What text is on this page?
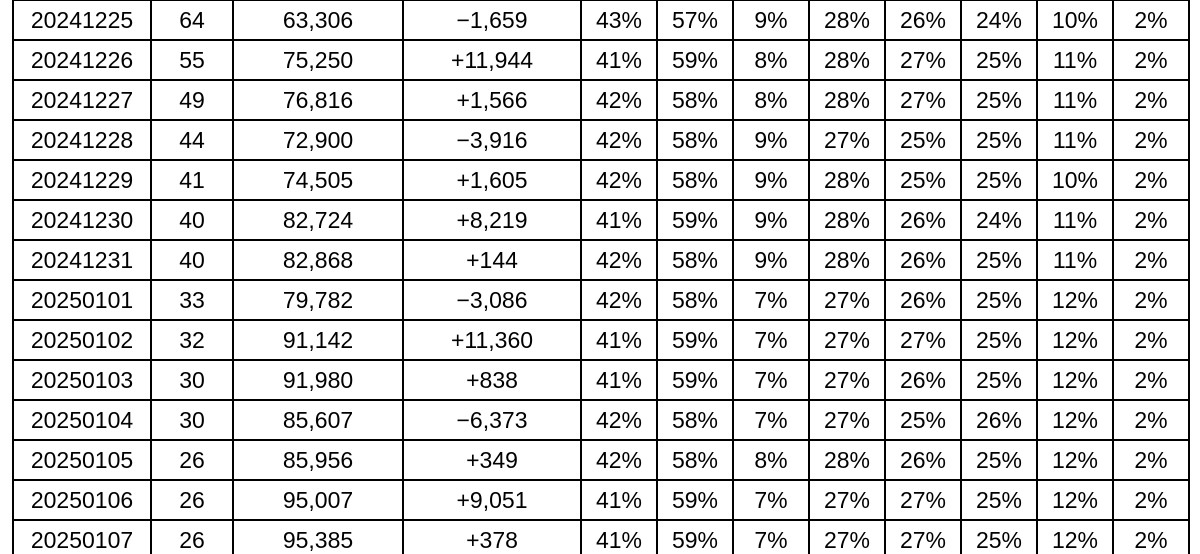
20241225	64	63,306	−1,659	43%	57%	9%	28%	26%	24%	10%	2%
20241226	55	75,250	+11,944	41%	59%	8%	28%	27%	25%	11%	2%
20241227	49	76,816	+1,566	42%	58%	8%	28%	27%	25%	11%	2%
20241228	44	72,900	−3,916	42%	58%	9%	27%	25%	25%	11%	2%
20241229	41	74,505	+1,605	42%	58%	9%	28%	25%	25%	10%	2%
20241230	40	82,724	+8,219	41%	59%	9%	28%	26%	24%	11%	2%
20241231	40	82,868	+144	42%	58%	9%	28%	26%	25%	11%	2%
20250101	33	79,782	−3,086	42%	58%	7%	27%	26%	25%	12%	2%
20250102	32	91,142	+11,360	41%	59%	7%	27%	27%	25%	12%	2%
20250103	30	91,980	+838	41%	59%	7%	27%	26%	25%	12%	2%
20250104	30	85,607	−6,373	42%	58%	7%	27%	25%	26%	12%	2%
20250105	26	85,956	+349	42%	58%	8%	28%	26%	25%	12%	2%
20250106	26	95,007	+9,051	41%	59%	7%	27%	27%	25%	12%	2%
20250107	26	95,385	+378	41%	59%	7%	27%	27%	25%	12%	2%
